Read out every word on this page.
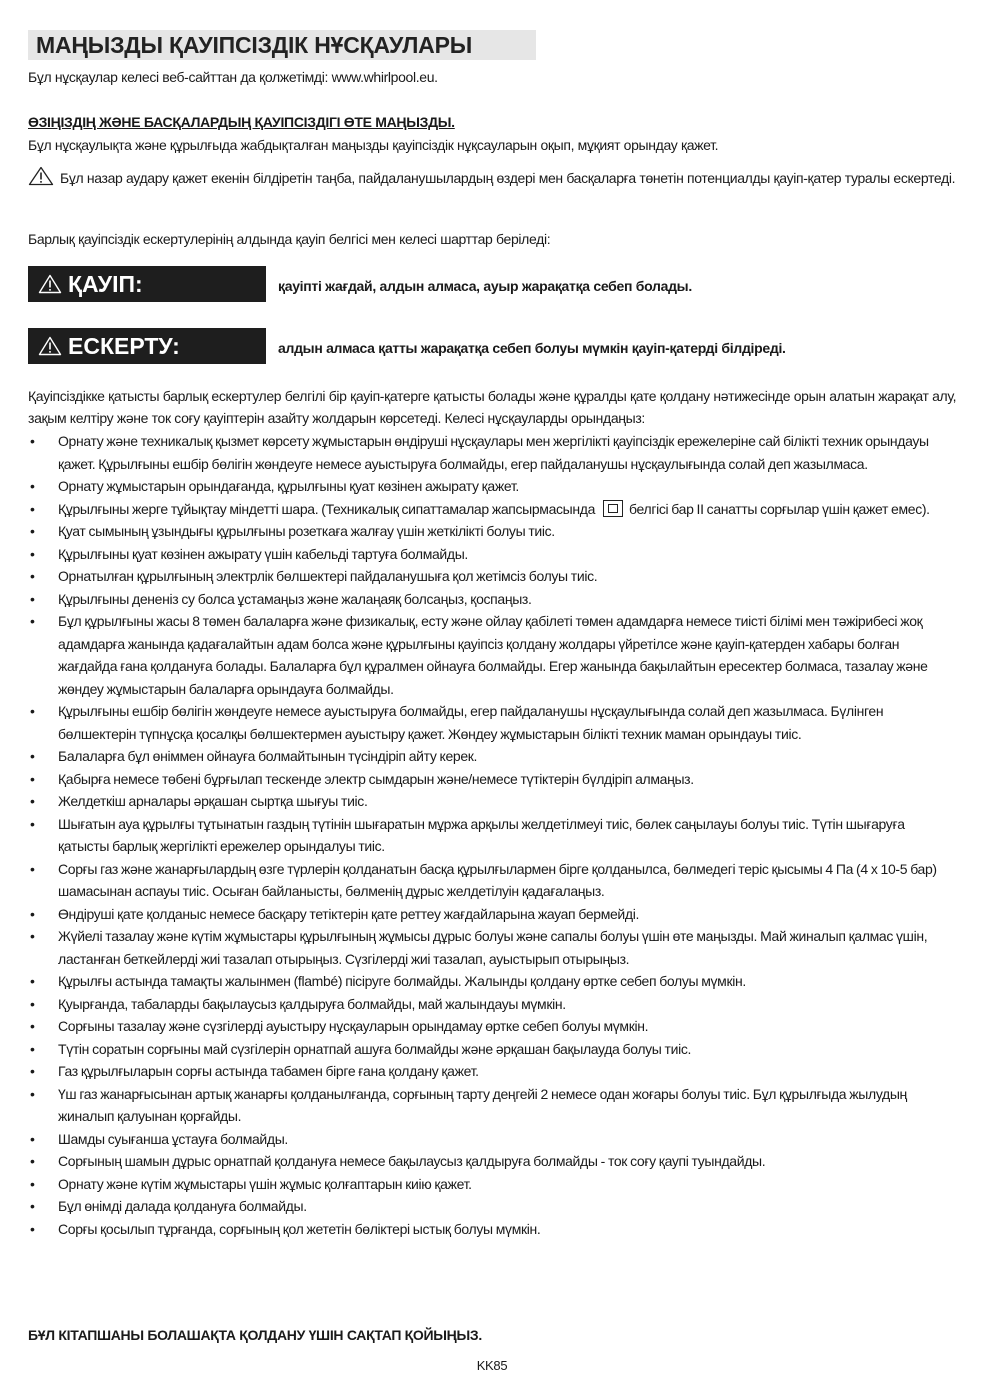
МАҢЫЗДЫ ҚАУІПСІЗДІК НҰСҚАУЛАРЫ
Бұл нұсқаулар келесі веб-сайттан да қолжетімді: www.whirlpool.eu.
ӨЗІҢІЗДІҢ ЖӘНЕ БАСҚАЛАРДЫҢ ҚАУІПСІЗДІГІ ӨТЕ МАҢЫЗДЫ.
Бұл нұсқаулықта және құрылғыда жабдықталған маңызды қауіпсіздік нұқсауларын оқып, мұқият орындау қажет.
Бұл назар аудару қажет екенін білдіретін таңба, пайдаланушылардың өздері мен басқаларға төнетін потенциалды қауіп-қатер туралы ескертеді.
Барлық қауіпсіздік ескертулерінің алдында қауіп белгісі мен келесі шарттар беріледі:
ҚАУІП:	қауіпті жағдай, алдын алмаса, ауыр жарақатқа себеп болады.
ЕСКЕРТУ:	алдын алмаса қатты жарақатқа себеп болуы мүмкін қауіп-қатерді білдіреді.
Қауіпсіздікке қатысты барлық ескертулер белгілі бір қауіп-қатерге қатысты болады және құралды қате қолдану нәтижесінде орын алатын жарақат алу, зақым келтіру және ток соғу қауіптерін азайту жолдарын көрсетеді. Келесі нұсқауларды орындаңыз:
• Орнату және техникалық қызмет көрсету жұмыстарын өндіруші нұсқаулары мен жергілікті қауіпсіздік ережелеріне сай білікті техник орындауы қажет. Құрылғыны ешбір бөлігін жөндеуге немесе ауыстыруға болмайды, егер пайдаланушы нұсқаулығында солай деп жазылмаса.
• Орнату жұмыстарын орындағанда, құрылғыны қуат көзінен ажырату қажет.
• Құрылғыны жерге тұйықтау міндетті шара. (Техникалық сипаттамалар жапсырмасында белгісі бар II санатты сорғылар үшін қажет емес).
• Қуат сымының ұзындығы құрылғыны розеткаға жалғау үшін жеткілікті болуы тиіс.
• Құрылғыны қуат көзінен ажырату үшін кабельді тартуға болмайды.
• Орнатылған құрылғының электрлік бөлшектері пайдаланушыға қол жетімсіз болуы тиіс.
• Құрылғыны дененіз су болса ұстамаңыз және жалаңаяқ болсаңыз, қоспаңыз.
• Бұл құрылғыны жасы 8 төмен балаларға және физикалық, есту және ойлау қабілеті төмен адамдарға немесе тиісті білімі мен тәжірибесі жоқ адамдарға жанында қадағалайтын адам болса және құрылғыны қауіпсіз қолдану жолдары үйретілсе және қауіп-қатерден хабары болған жағдайда ғана қолдануға болады. Балаларға бұл құралмен ойнауға болмайды. Егер жанында бақылайтын ересектер болмаса, тазалау және жөндеу жұмыстарын балаларға орындауға болмайды.
• Құрылғыны ешбір бөлігін жөндеуге немесе ауыстыруға болмайды, егер пайдаланушы нұсқаулығында солай деп жазылмаса. Бүлінген бөлшектерін түпнұсқа қосалқы бөлшектермен ауыстыру қажет. Жөндеу жұмыстарын білікті техник маман орындауы тиіс.
• Балаларға бұл өніммен ойнауға болмайтынын түсіндіріп айту керек.
• Қабырға немесе төбені бұрғылап тескенде электр сымдарын және/немесе түтіктерін бүлдіріп алмаңыз.
• Желдеткіш арналары әрқашан сыртқа шығуы тиіс.
• Шығатын ауа құрылғы тұтынатын газдың түтінін шығаратын мұржа арқылы желдетілмеуі тиіс, бөлек саңылауы болуы тиіс. Түтін шығаруға қатысты барлық жергілікті ережелер орындалуы тиіс.
• Сорғы газ және жанарғылардың өзге түрлерін қолданатын басқа құрылғылармен бірге қолданылса, бөлмедегі теріс қысымы 4 Па (4 x 10-5 бар) шамасынан аспауы тиіс. Осыған байланысты, бөлменің дұрыс желдетілуін қадағалаңыз.
• Өндіруші қате қолданыс немесе басқару тетіктерін қате реттеу жағдайларына жауап бермейді.
• Жүйелі тазалау және күтім жұмыстары құрылғының жұмысы дұрыс болуы және сапалы болуы үшін өте маңызды. Май жиналып қалмас үшін, ластанған беткейлерді жиі тазалап отырыңыз. Сүзгілерді жиі тазалап, ауыстырып отырыңыз.
• Құрылғы астында тамақты жалынмен (flambé) пісіруге болмайды. Жалынды қолдану өртке себеп болуы мүмкін.
• Қуырғанда, табаларды бақылаусыз қалдыруға болмайды, май жалындауы мүмкін.
• Сорғыны тазалау және сүзгілерді ауыстыру нұсқауларын орындамау өртке себеп болуы мүмкін.
• Түтін соратын сорғыны май сүзгілерін орнатпай ашуға болмайды және әрқашан бақылауда болуы тиіс.
• Газ құрылғыларын сорғы астында табамен бірге ғана қолдану қажет.
• Үш газ жанарғысынан артық жанарғы қолданылғанда, сорғының тарту деңгейі 2 немесе одан жоғары болуы тиіс. Бұл құрылғыда жылудың жиналып қалуынан қорғайды.
• Шамды суығанша ұстауға болмайды.
• Сорғының шамын дұрыс орнатпай қолдануға немесе бақылаусыз қалдыруға болмайды - ток соғу қаупі туындайды.
• Орнату және күтім жұмыстары үшін жұмыс қолғаптарын киію қажет.
• Бұл өнімді далада қолдануға болмайды.
• Сорғы қосылып тұрғанда, сорғының қол жететін бөліктері ыстық болуы мүмкін.
БҰЛ КІТАПШАНЫ БОЛАШАҚТА ҚОЛДАНУ ҮШІН САҚТАП ҚОЙЫҢЫЗ.
KK85
